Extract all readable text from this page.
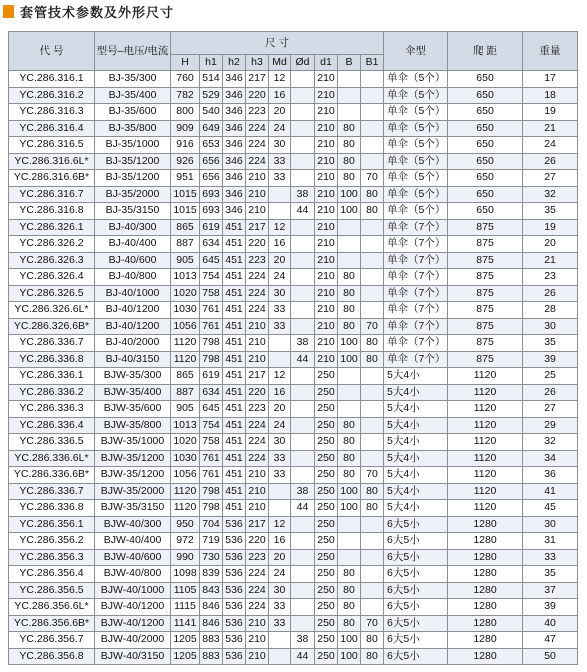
套管技术参数及外形尺寸
代 号	型号–电压/电流	尺 寸									伞型	爬 距	重量
		H	h1	h2	h3	Md	Ød	d1	B	B1			
YC.286.316.1	BJ-35/300	760	514	346	217	12		210			单伞（5个）	650	17
YC.286.316.2	BJ-35/400	782	529	346	220	16		210			单伞（5个）	650	18
YC.286.316.3	BJ-35/600	800	540	346	223	20		210			单伞（5个）	650	19
YC.286.316.4	BJ-35/800	909	649	346	224	24		210	80		单伞（5个）	650	21
YC.286.316.5	BJ-35/1000	916	653	346	224	30		210	80		单伞（5个）	650	24
YC.286.316.6L*	BJ-35/1200	926	656	346	224	33		210	80		单伞（5个）	650	26
YC.286.316.6B*	BJ-35/1200	951	656	346	210	33		210	80	70	单伞（5个）	650	27
YC.286.316.7	BJ-35/2000	1015	693	346	210		38	210	100	80	单伞（5个）	650	32
YC.286.316.8	BJ-35/3150	1015	693	346	210		44	210	100	80	单伞（5个）	650	35
YC.286.326.1	BJ-40/300	865	619	451	217	12		210			单伞（7个）	875	19
YC.286.326.2	BJ-40/400	887	634	451	220	16		210			单伞（7个）	875	20
YC.286.326.3	BJ-40/600	905	645	451	223	20		210			单伞（7个）	875	21
YC.286.326.4	BJ-40/800	1013	754	451	224	24		210	80		单伞（7个）	875	23
YC.286.326.5	BJ-40/1000	1020	758	451	224	30		210	80		单伞（7个）	875	26
YC.286.326.6L*	BJ-40/1200	1030	761	451	224	33		210	80		单伞（7个）	875	28
YC.286.326.6B*	BJ-40/1200	1056	761	451	210	33		210	80	70	单伞（7个）	875	30
YC.286.336.7	BJ-40/2000	1120	798	451	210		38	210	100	80	单伞（7个）	875	35
YC.286.336.8	BJ-40/3150	1120	798	451	210		44	210	100	80	单伞（7个）	875	39
YC.286.336.1	BJW-35/300	865	619	451	217	12		250			5大4小	1120	25
YC.286.336.2	BJW-35/400	887	634	451	220	16		250			5大4小	1120	26
YC.286.336.3	BJW-35/600	905	645	451	223	20		250			5大4小	1120	27
YC.286.336.4	BJW-35/800	1013	754	451	224	24		250	80		5大4小	1120	29
YC.286.336.5	BJW-35/1000	1020	758	451	224	30		250	80		5大4小	1120	32
YC.286.336.6L*	BJW-35/1200	1030	761	451	224	33		250	80		5大4小	1120	34
YC.286.336.6B*	BJW-35/1200	1056	761	451	210	33		250	80	70	5大4小	1120	36
YC.286.336.7	BJW-35/2000	1120	798	451	210		38	250	100	80	5大4小	1120	41
YC.286.336.8	BJW-35/3150	1120	798	451	210		44	250	100	80	5大4小	1120	45
YC.286.356.1	BJW-40/300	950	704	536	217	12		250			6大5小	1280	30
YC.286.356.2	BJW-40/400	972	719	536	220	16		250			6大5小	1280	31
YC.286.356.3	BJW-40/600	990	730	536	223	20		250			6大5小	1280	33
YC.286.356.4	BJW-40/800	1098	839	536	224	24		250	80		6大5小	1280	35
YC.286.356.5	BJW-40/1000	1105	843	536	224	30		250	80		6大5小	1280	37
YC.286.356.6L*	BJW-40/1200	1115	846	536	224	33		250	80		6大5小	1280	39
YC.286.356.6B*	BJW-40/1200	1141	846	536	210	33		250	80	70	6大5小	1280	40
YC.286.356.7	BJW-40/2000	1205	883	536	210		38	250	100	80	6大5小	1280	47
YC.286.356.8	BJW-40/3150	1205	883	536	210		44	250	100	80	6大5小	1280	50
